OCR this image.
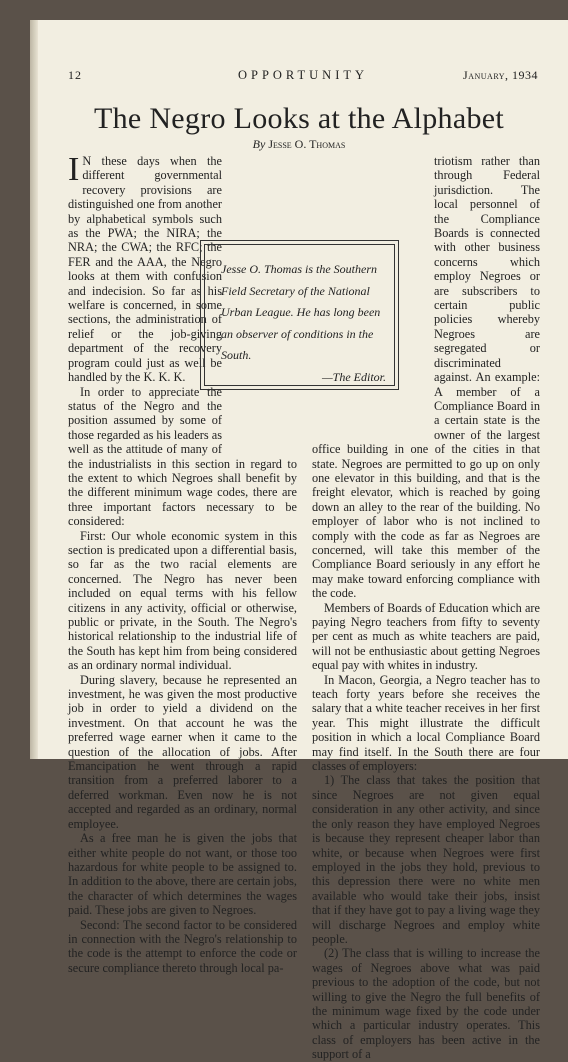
12	OPPORTUNITY	January, 1934
The Negro Looks at the Alphabet
By Jesse O. Thomas

I N these days when the different governmental recovery provisions are distinguished one from another by alphabetical symbols such as the PWA; the NIRA; the NRA; the CWA; the RFC; the FER and the AAA, the Negro looks at them with confusion and indecision. So far as his welfare is concerned, in some sections, the administration of relief or the job-giving department of the recovery program could just as well be handled by the K. K. K.

In order to appreciate the status of the Negro and the position assumed by some of those regarded as his leaders as well as the attitude of many of the industrialists in this section in regard to the extent to which Negroes shall benefit by the different minimum wage codes, there are three important factors necessary to be considered:

First: Our whole economic system in this section is predicated upon a differential basis, so far as the two racial elements are concerned. The Negro has never been included on equal terms with his fellow citizens in any activity, official or otherwise, public or private, in the South. The Negro's historical relationship to the industrial life of the South has kept him from being considered as an ordinary normal individual.

During slavery, because he represented an investment, he was given the most productive job in order to yield a dividend on the investment. On that account he was the preferred wage earner when it came to the question of the allocation of jobs. After Emancipation he went through a rapid transition from a preferred laborer to a deferred workman. Even now he is not accepted and regarded as an ordinary, normal employee.

As a free man he is given the jobs that either white people do not want, or those too hazardous for white people to be assigned to. In addition to the above, there are certain jobs, the character of which determines the wages paid. These jobs are given to Negroes.

Second: The second factor to be considered in connection with the Negro's relationship to the code is the attempt to enforce the code or secure compliance thereto through local pa-

triotism rather than through Federal jurisdiction. The local personnel of the Compliance Boards is connected with other business concerns which employ Negroes or are subscribers to certain public policies whereby Negroes are segregated or discriminated against. An example: A member of a Compliance Board in a certain state is the owner of the largest office building in one of the cities in that state. Negroes are permitted to go up on only one elevator in this building, and that is the freight elevator, which is reached by going down an alley to the rear of the building. No employer of labor who is not inclined to comply with the code as far as Negroes are concerned, will take this member of the Compliance Board seriously in any effort he may make toward enforcing compliance with the code.

Members of Boards of Education which are paying Negro teachers from fifty to seventy per cent as much as white teachers are paid, will not be enthusiastic about getting Negroes equal pay with whites in industry.

In Macon, Georgia, a Negro teacher has to teach forty years before she receives the salary that a white teacher receives in her first year. This might illustrate the difficult position in which a local Compliance Board may find itself. In the South there are four classes of employers:

1) The class that takes the position that since Negroes are not given equal consideration in any other activity, and since the only reason they have employed Negroes is because they represent cheaper labor than white, or because when Negroes were first employed in the jobs they hold, previous to this depression there were no white men available who would take their jobs, insist that if they have got to pay a living wage they will discharge Negroes and employ white people.

(2) The class that is willing to increase the wages of Negroes above what was paid previous to the adoption of the code, but not willing to give the Negro the full benefits of the minimum wage fixed by the code under which a particular industry operates. This class of employers has been active in the support of a

Jesse O. Thomas is the Southern Field Secretary of the National Urban League. He has long been an observer of conditions in the South.
—The Editor.
